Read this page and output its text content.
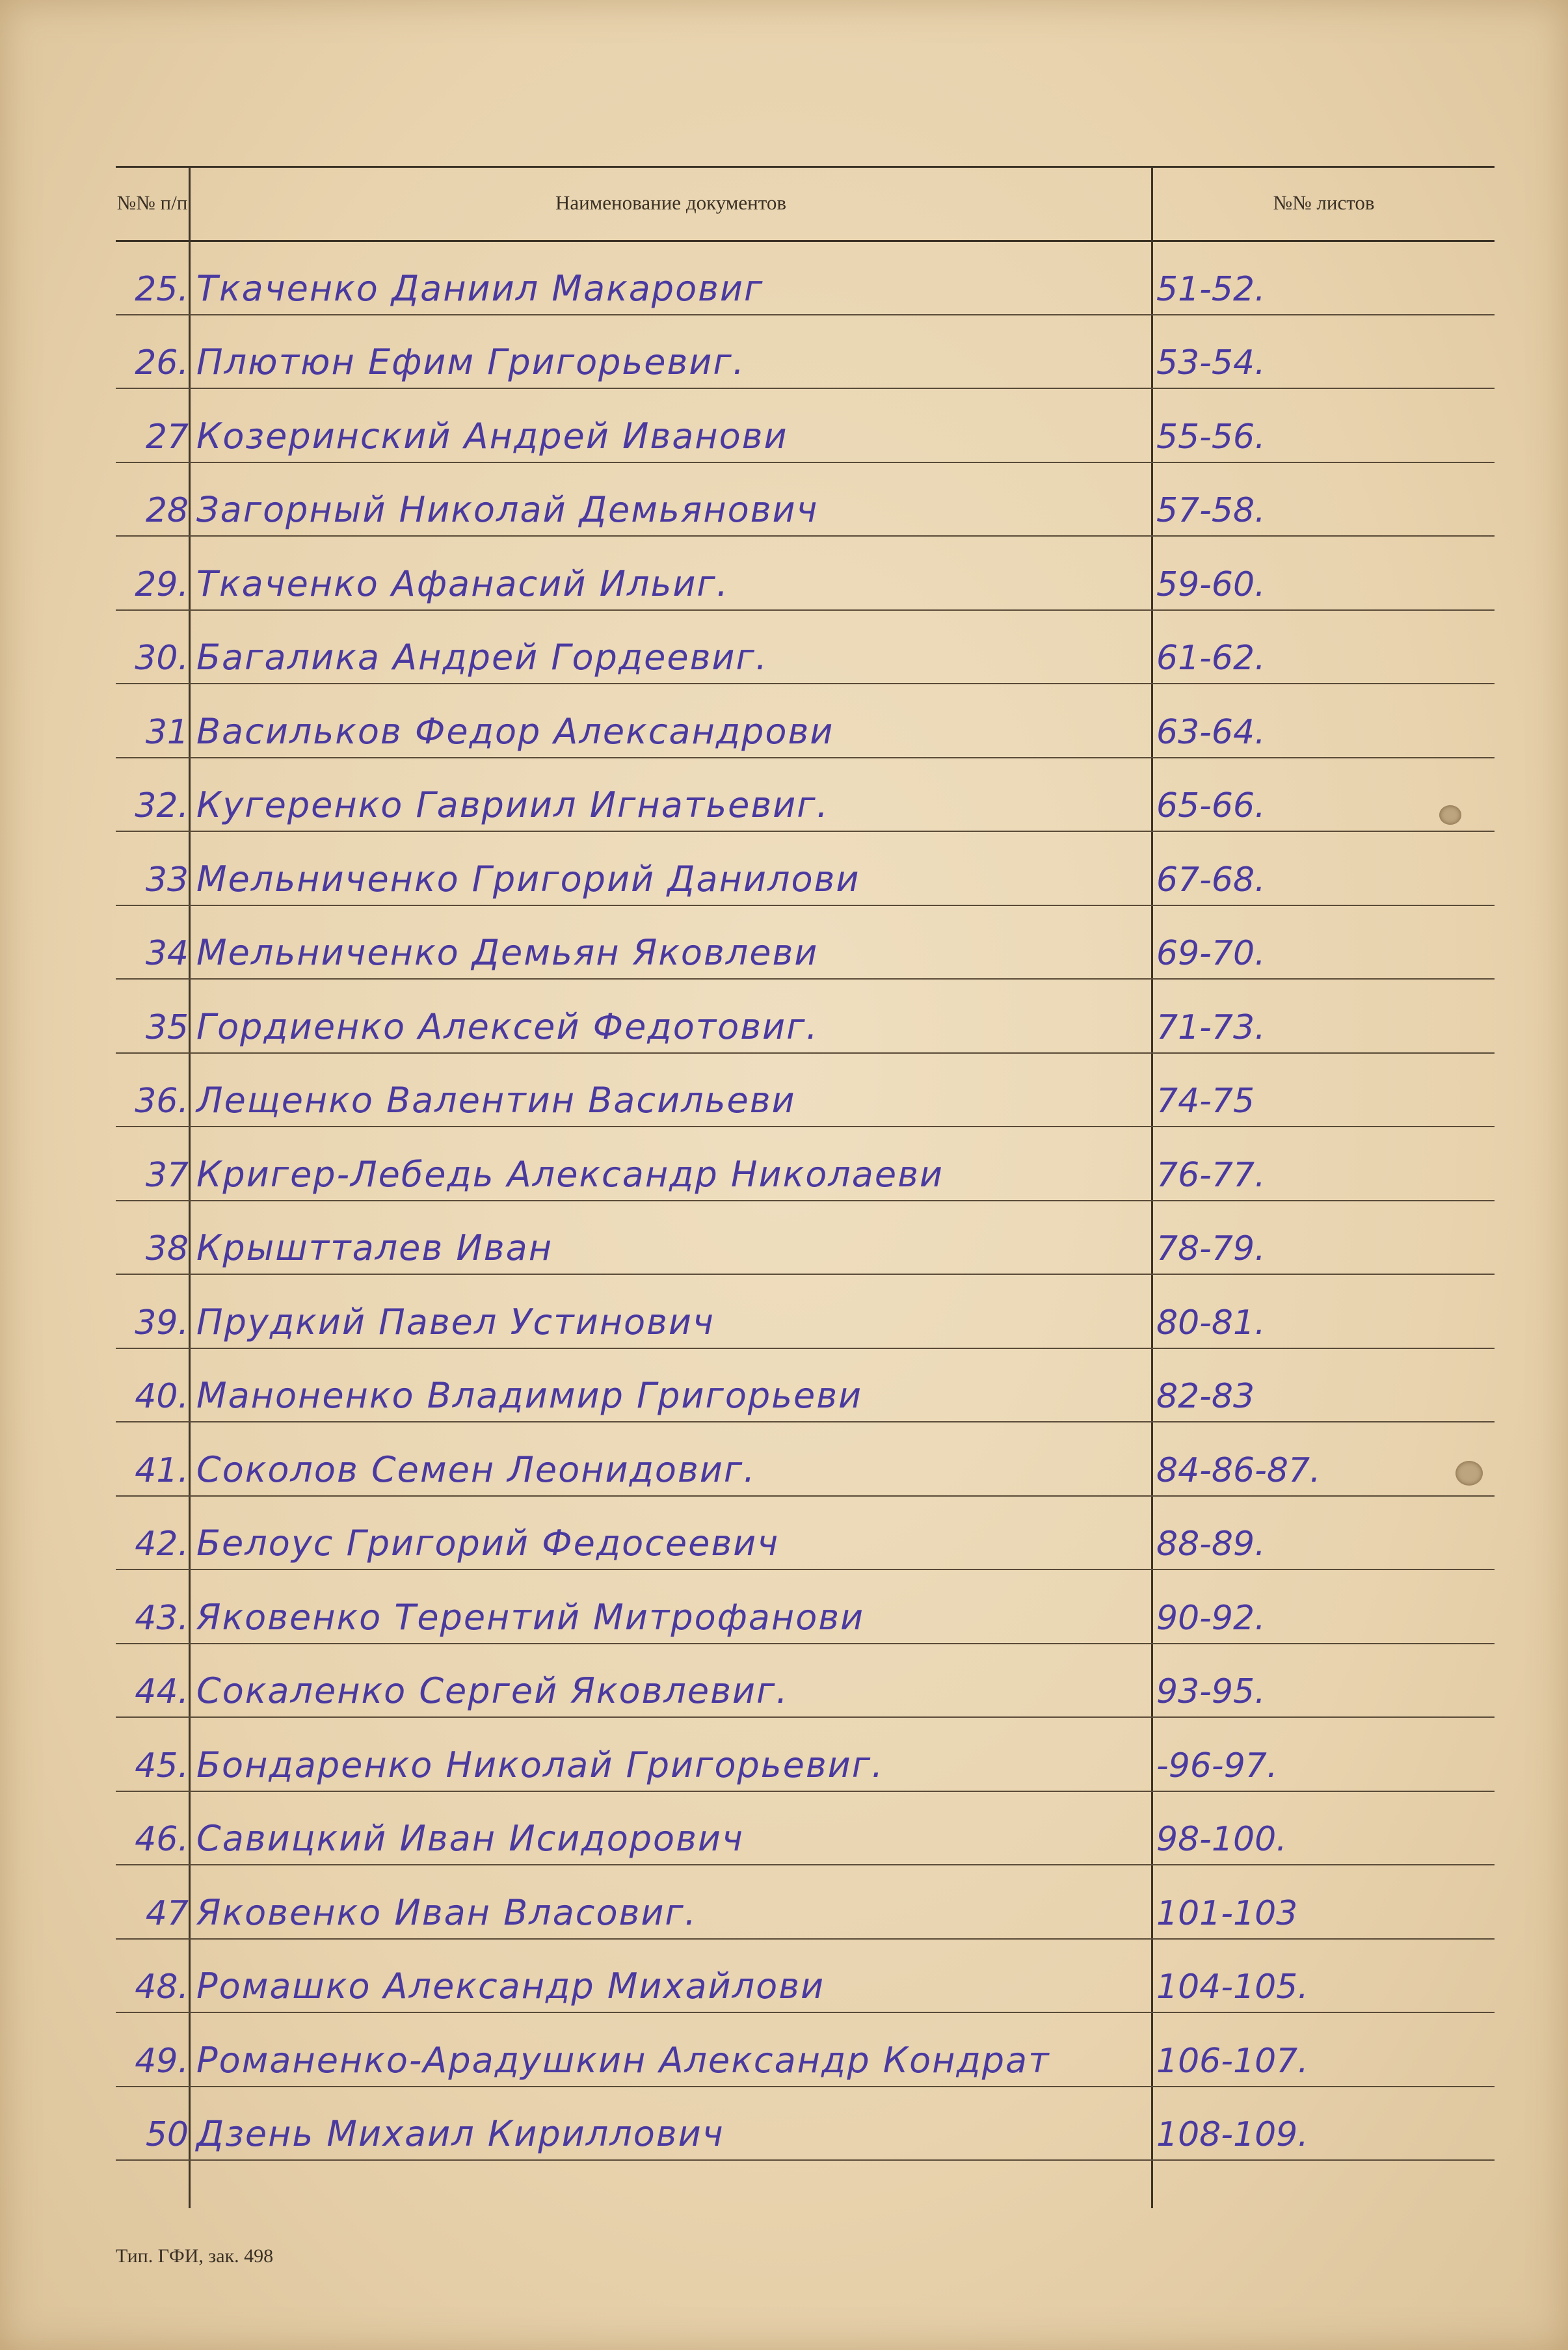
№№ п/п	Наименование документов	№№ листов
25. Ткаченко Даниил Макаровиг	51-52.
26. Плютюн Ефим Григорьевиг.	53-54.
27 Козеринский Андрей Иванови	55-56.
28 Загорный Николай Демьянович	57-58.
29. Ткаченко Афанасий Ильиг.	59-60.
30. Багалика Андрей Гордеевиг.	61-62.
31 Васильков Федор Александрови	63-64.
32. Кугеренко Гавриил Игнатьевиг.	65-66.
33 Мельниченко Григорий Данилови	67-68.
34 Мельниченко Демьян Яковлеви	69-70.
35 Гордиенко Алексей Федотовиг.	71-73.
36. Лещенко Валентин Васильеви	74-75
37 Кригер-Лебедь Александр Николаеви	76-77.
38 Крыштталев Иван	78-79.
39. Прудкий Павел Устинович	80-81.
40. Маноненко Владимир Григорьеви	82-83
41. Соколов Семен Леонидовиг.	84-86-87.
42. Белоус Григорий Федосеевич	88-89.
43. Яковенко Терентий Митрофанови	90-92.
44. Сокаленко Сергей Яковлевиг.	93-95.
45. Бондаренко Николай Григорьевиг.	-96-97.
46. Савицкий Иван Исидорович	98-100.
47 Яковенко Иван Власовиг.	101-103
48. Ромашко Александр Михайлови	104-105.
49. Романенко-Арадушкин Александр Кондрат	106-107.
50 Дзень Михаил Кириллович	108-109.
Тип. ГФИ, зак. 498
